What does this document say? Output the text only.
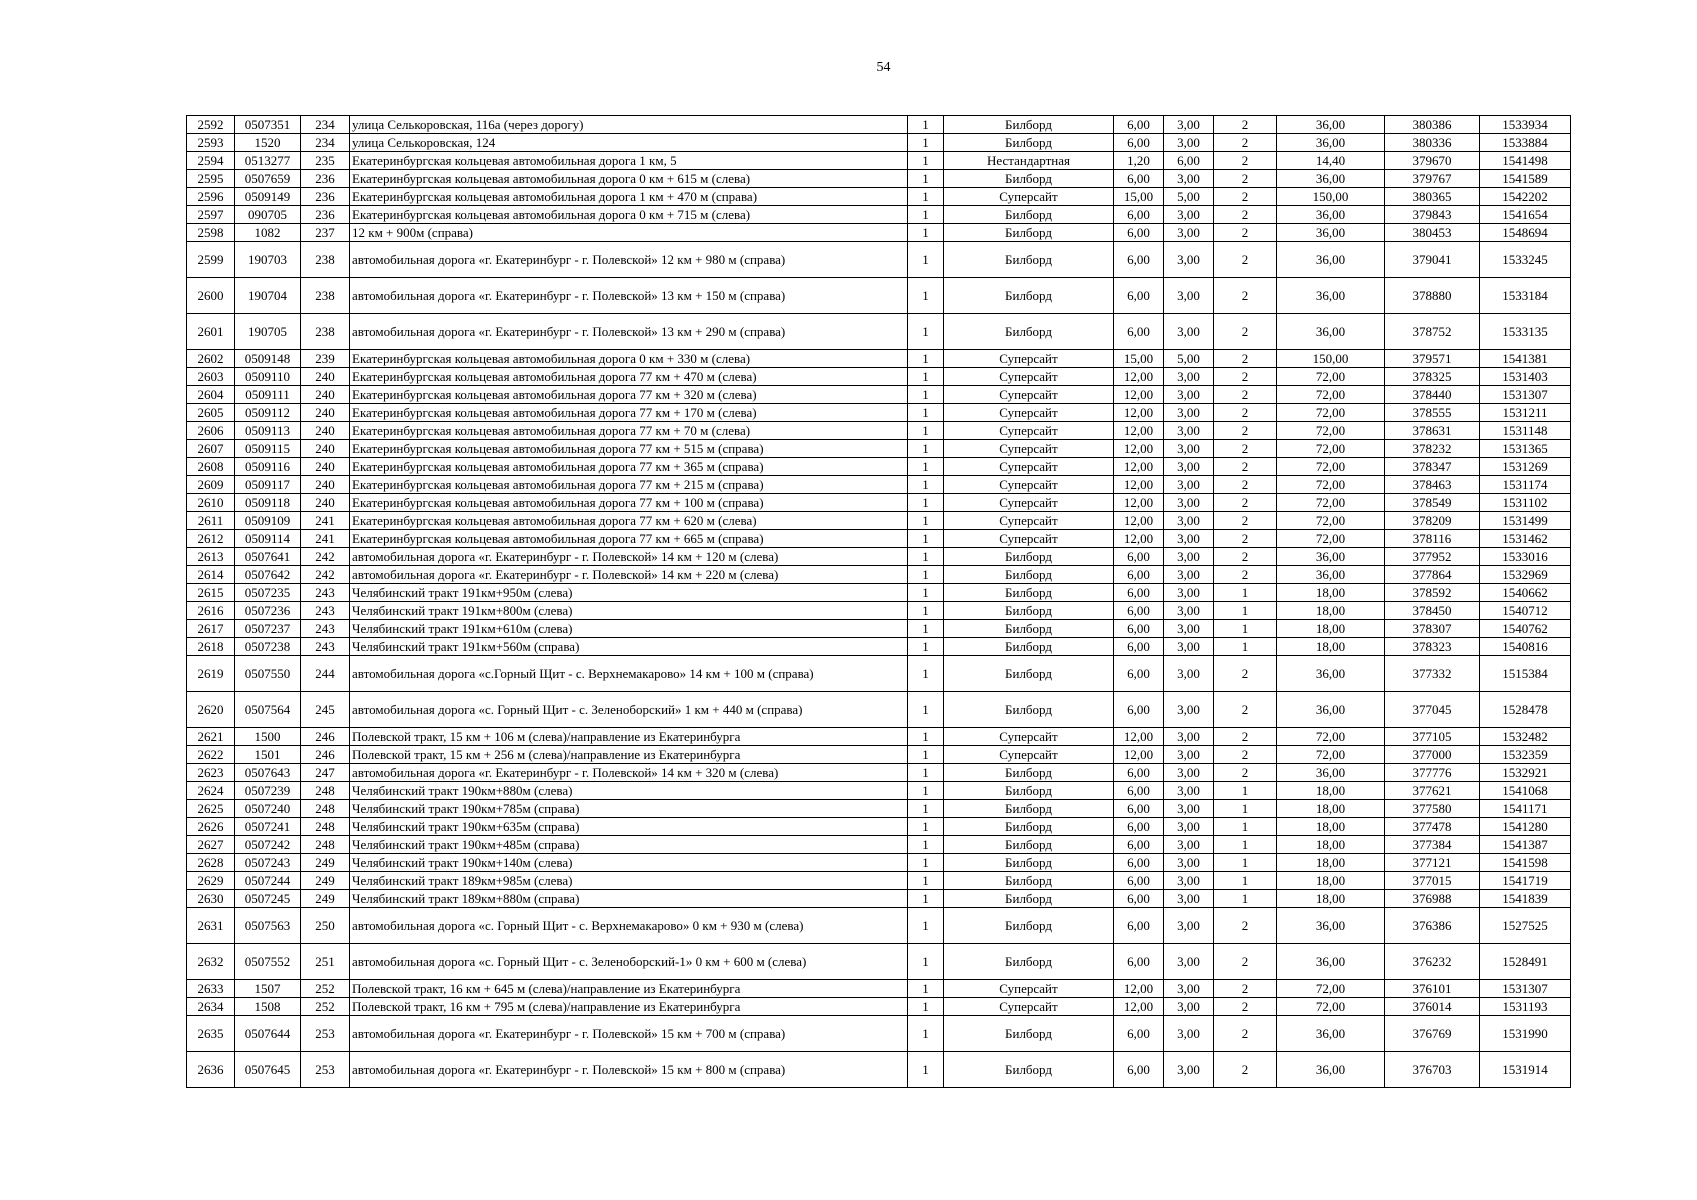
54
2592	0507351	234	улица Селькоровская, 116а (через дорогу)	1	Билборд	6,00	3,00	2	36,00	380386	1533934
2593	1520	234	улица Селькоровская, 124	1	Билборд	6,00	3,00	2	36,00	380336	1533884
2594	0513277	235	Екатеринбургская кольцевая автомобильная дорога 1 км, 5	1	Нестандартная	1,20	6,00	2	14,40	379670	1541498
2595	0507659	236	Екатеринбургская кольцевая автомобильная дорога 0 км + 615 м (слева)	1	Билборд	6,00	3,00	2	36,00	379767	1541589
2596	0509149	236	Екатеринбургская кольцевая автомобильная дорога 1 км + 470 м (справа)	1	Суперсайт	15,00	5,00	2	150,00	380365	1542202
2597	090705	236	Екатеринбургская кольцевая автомобильная дорога 0 км + 715 м (слева)	1	Билборд	6,00	3,00	2	36,00	379843	1541654
2598	1082	237	12 км + 900м (справа)	1	Билборд	6,00	3,00	2	36,00	380453	1548694
2599	190703	238	автомобильная дорога «г. Екатеринбург - г. Полевской» 12 км + 980 м (справа)	1	Билборд	6,00	3,00	2	36,00	379041	1533245
2600	190704	238	автомобильная дорога «г. Екатеринбург - г. Полевской» 13 км + 150 м (справа)	1	Билборд	6,00	3,00	2	36,00	378880	1533184
2601	190705	238	автомобильная дорога «г. Екатеринбург - г. Полевской» 13 км + 290 м (справа)	1	Билборд	6,00	3,00	2	36,00	378752	1533135
2602	0509148	239	Екатеринбургская кольцевая автомобильная дорога 0 км + 330 м (слева)	1	Суперсайт	15,00	5,00	2	150,00	379571	1541381
2603	0509110	240	Екатеринбургская кольцевая автомобильная дорога 77 км + 470 м (слева)	1	Суперсайт	12,00	3,00	2	72,00	378325	1531403
2604	0509111	240	Екатеринбургская кольцевая автомобильная дорога 77 км + 320 м (слева)	1	Суперсайт	12,00	3,00	2	72,00	378440	1531307
2605	0509112	240	Екатеринбургская кольцевая автомобильная дорога 77 км + 170 м (слева)	1	Суперсайт	12,00	3,00	2	72,00	378555	1531211
2606	0509113	240	Екатеринбургская кольцевая автомобильная дорога 77 км + 70 м (слева)	1	Суперсайт	12,00	3,00	2	72,00	378631	1531148
2607	0509115	240	Екатеринбургская кольцевая автомобильная дорога 77 км + 515 м (справа)	1	Суперсайт	12,00	3,00	2	72,00	378232	1531365
2608	0509116	240	Екатеринбургская кольцевая автомобильная дорога 77 км + 365 м (справа)	1	Суперсайт	12,00	3,00	2	72,00	378347	1531269
2609	0509117	240	Екатеринбургская кольцевая автомобильная дорога 77 км + 215 м (справа)	1	Суперсайт	12,00	3,00	2	72,00	378463	1531174
2610	0509118	240	Екатеринбургская кольцевая автомобильная дорога 77 км + 100 м (справа)	1	Суперсайт	12,00	3,00	2	72,00	378549	1531102
2611	0509109	241	Екатеринбургская кольцевая автомобильная дорога 77 км + 620 м (слева)	1	Суперсайт	12,00	3,00	2	72,00	378209	1531499
2612	0509114	241	Екатеринбургская кольцевая автомобильная дорога 77 км + 665 м (справа)	1	Суперсайт	12,00	3,00	2	72,00	378116	1531462
2613	0507641	242	автомобильная дорога «г. Екатеринбург - г. Полевской» 14 км + 120 м (слева)	1	Билборд	6,00	3,00	2	36,00	377952	1533016
2614	0507642	242	автомобильная дорога «г. Екатеринбург - г. Полевской» 14 км + 220 м (слева)	1	Билборд	6,00	3,00	2	36,00	377864	1532969
2615	0507235	243	Челябинский тракт 191км+950м (слева)	1	Билборд	6,00	3,00	1	18,00	378592	1540662
2616	0507236	243	Челябинский тракт 191км+800м (слева)	1	Билборд	6,00	3,00	1	18,00	378450	1540712
2617	0507237	243	Челябинский тракт 191км+610м (слева)	1	Билборд	6,00	3,00	1	18,00	378307	1540762
2618	0507238	243	Челябинский тракт 191км+560м (справа)	1	Билборд	6,00	3,00	1	18,00	378323	1540816
2619	0507550	244	автомобильная дорога «с.Горный Щит - с. Верхнемакарово» 14 км + 100 м (справа)	1	Билборд	6,00	3,00	2	36,00	377332	1515384
2620	0507564	245	автомобильная дорога «с. Горный Щит - с. Зеленоборский» 1 км + 440 м (справа)	1	Билборд	6,00	3,00	2	36,00	377045	1528478
2621	1500	246	Полевской тракт, 15 км + 106 м (слева)/направление из Екатеринбурга	1	Суперсайт	12,00	3,00	2	72,00	377105	1532482
2622	1501	246	Полевской тракт, 15 км + 256 м (слева)/направление из Екатеринбурга	1	Суперсайт	12,00	3,00	2	72,00	377000	1532359
2623	0507643	247	автомобильная дорога «г. Екатеринбург - г. Полевской» 14 км + 320 м (слева)	1	Билборд	6,00	3,00	2	36,00	377776	1532921
2624	0507239	248	Челябинский тракт 190км+880м (слева)	1	Билборд	6,00	3,00	1	18,00	377621	1541068
2625	0507240	248	Челябинский тракт 190км+785м (справа)	1	Билборд	6,00	3,00	1	18,00	377580	1541171
2626	0507241	248	Челябинский тракт 190км+635м (справа)	1	Билборд	6,00	3,00	1	18,00	377478	1541280
2627	0507242	248	Челябинский тракт 190км+485м (справа)	1	Билборд	6,00	3,00	1	18,00	377384	1541387
2628	0507243	249	Челябинский тракт 190км+140м (слева)	1	Билборд	6,00	3,00	1	18,00	377121	1541598
2629	0507244	249	Челябинский тракт 189км+985м (слева)	1	Билборд	6,00	3,00	1	18,00	377015	1541719
2630	0507245	249	Челябинский тракт 189км+880м (справа)	1	Билборд	6,00	3,00	1	18,00	376988	1541839
2631	0507563	250	автомобильная дорога «с. Горный Щит - с. Верхнемакарово» 0 км + 930 м (слева)	1	Билборд	6,00	3,00	2	36,00	376386	1527525
2632	0507552	251	автомобильная дорога «с. Горный Щит - с. Зеленоборский-1» 0 км + 600 м (слева)	1	Билборд	6,00	3,00	2	36,00	376232	1528491
2633	1507	252	Полевской тракт, 16 км + 645 м (слева)/направление из Екатеринбурга	1	Суперсайт	12,00	3,00	2	72,00	376101	1531307
2634	1508	252	Полевской тракт, 16 км + 795 м (слева)/направление из Екатеринбурга	1	Суперсайт	12,00	3,00	2	72,00	376014	1531193
2635	0507644	253	автомобильная дорога «г. Екатеринбург - г. Полевской» 15 км + 700 м (справа)	1	Билборд	6,00	3,00	2	36,00	376769	1531990
2636	0507645	253	автомобильная дорога «г. Екатеринбург - г. Полевской» 15 км + 800 м (справа)	1	Билборд	6,00	3,00	2	36,00	376703	1531914
